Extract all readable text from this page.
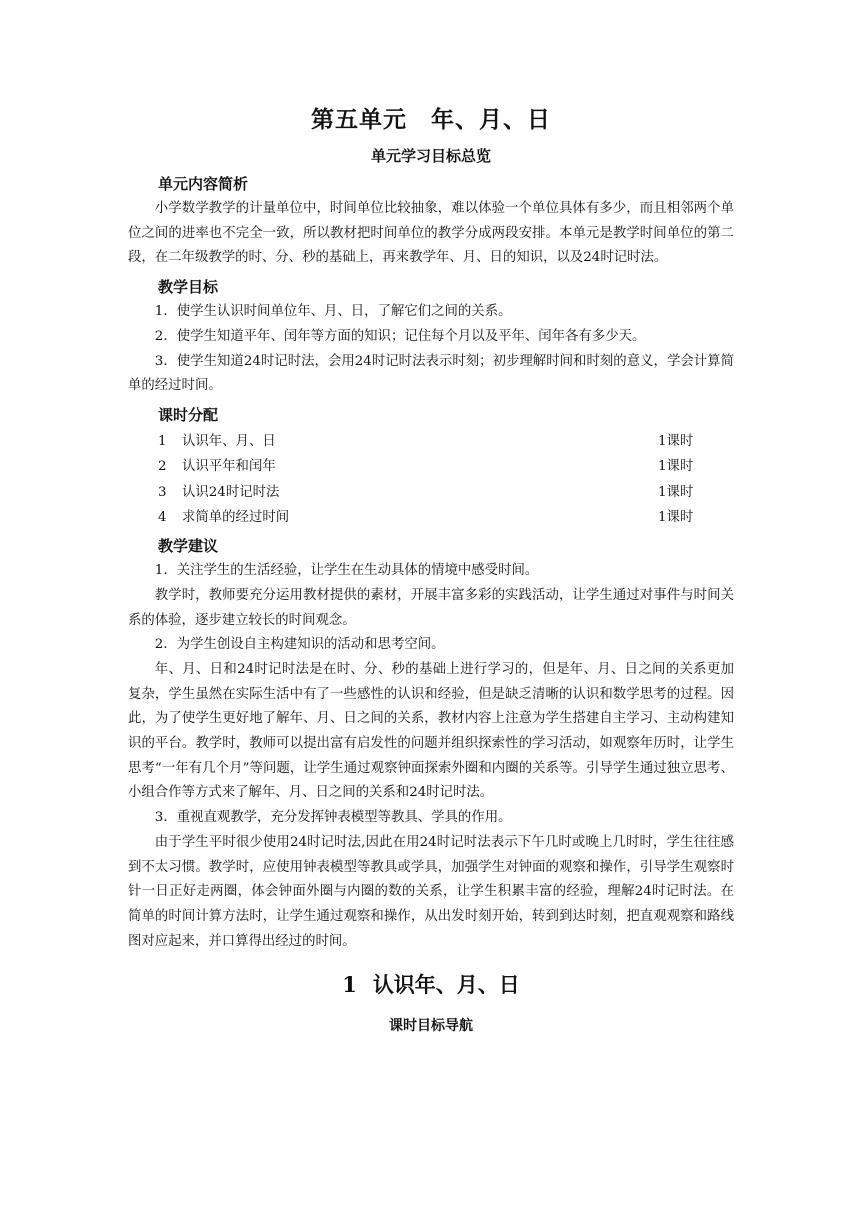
第五单元　年、月、日
单元学习目标总览
单元内容简析

小学数学教学的计量单位中，时间单位比较抽象，难以体验一个单位具体有多少，而且相邻两个单位之间的进率也不完全一致，所以教材把时间单位的教学分成两段安排。本单元是教学时间单位的第二段，在二年级教学的时、分、秒的基础上，再来教学年、月、日的知识，以及24时记时法。

教学目标

1．使学生认识时间单位年、月、日，了解它们之间的关系。

2．使学生知道平年、闰年等方面的知识；记住每个月以及平年、闰年各有多少天。

3．使学生知道24时记时法，会用24时记时法表示时刻；初步理解时间和时刻的意义，学会计算简单的经过时间。

课时分配
1	认识年、月、日	1课时
2	认识平年和闰年	1课时
3	认识24时记时法	1课时
4	求简单的经过时间	1课时
教学建议

1．关注学生的生活经验，让学生在生动具体的情境中感受时间。

教学时，教师要充分运用教材提供的素材，开展丰富多彩的实践活动，让学生通过对事件与时间关系的体验，逐步建立较长的时间观念。

2．为学生创设自主构建知识的活动和思考空间。

年、月、日和24时记时法是在时、分、秒的基础上进行学习的，但是年、月、日之间的关系更加复杂，学生虽然在实际生活中有了一些感性的认识和经验，但是缺乏清晰的认识和数学思考的过程。因此，为了使学生更好地了解年、月、日之间的关系，教材内容上注意为学生搭建自主学习、主动构建知识的平台。教学时，教师可以提出富有启发性的问题并组织探索性的学习活动，如观察年历时，让学生思考“一年有几个月”等问题，让学生通过观察钟面探索外圈和内圈的关系等。引导学生通过独立思考、小组合作等方式来了解年、月、日之间的关系和24时记时法。

3．重视直观教学，充分发挥钟表模型等教具、学具的作用。

由于学生平时很少使用24时记时法,因此在用24时记时法表示下午几时或晚上几时时，学生往往感到不太习惯。教学时，应使用钟表模型等教具或学具，加强学生对钟面的观察和操作，引导学生观察时针一日正好走两圈，体会钟面外圈与内圈的数的关系，让学生积累丰富的经验，理解24时记时法。在简单的时间计算方法时，让学生通过观察和操作，从出发时刻开始，转到到达时刻，把直观观察和路线图对应起来，并口算得出经过的时间。

1 认识年、月、日
课时目标导航
